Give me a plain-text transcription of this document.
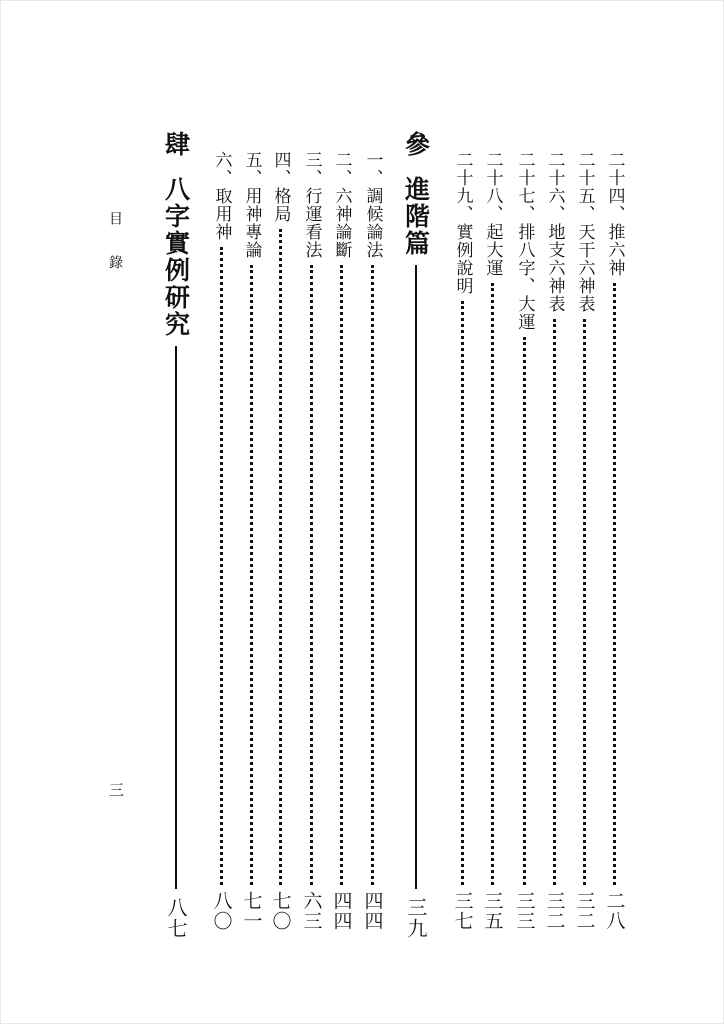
二十四、推六神
二八
二十五、天干六神表
三二
二十六、地支六神表
三二
二十七、排八字、大運
三三
二十八、起大運
三五
二十九、實例說明
三七
參
進階篇
三九
一、調候論法
四四
二、六神論斷
四四
三、行運看法
六三
四、格局
七〇
五、用神專論
七一
六、取用神
八〇
肆
八字實例研究
八七
目錄
三
